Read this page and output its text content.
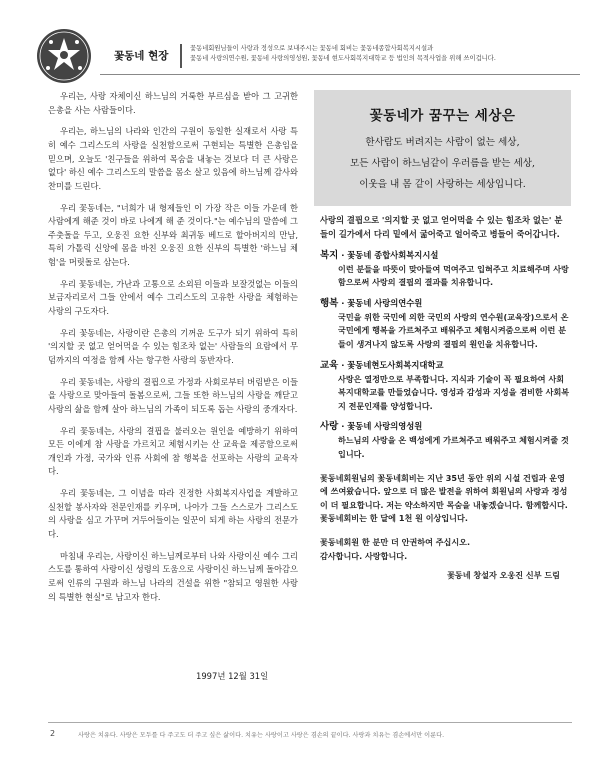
꽃동네 현장
꽃동네회원님들이 사랑과 정성으로 보내주시는 꽃동네 회비는 꽃동네종합사회복지시설과
꽃동네 사랑의연수원, 꽃동네 사랑의영성원, 꽃동네 현도사회복지대학교 등 법인의 목적사업을 위해 쓰이겁니다.

우리는, 사랑 자체이신 하느님의 거룩한 부르심을 받아 그 고귀한 은총을 사는 사람들이다.

우리는, 하느님의 나라와 인간의 구원이 동일한 실재로서 사랑 특히 예수 그리스도의 사랑을 실천함으로써 구현되는 특별한 은총임을 믿으며, 오늘도 '친구들을 위하여 목숨을 내놓는 것보다 더 큰 사랑은 없다' 하신 예수 그리스도의 말씀을 몸소 살고 있음에 하느님께 감사와 찬미를 드린다.

우리 꽃동네는, "너희가 내 형제들인 이 가장 작은 이들 가운데 한 사람에게 해준 것이 바로 나에게 해 준 것이다."는 예수님의 말씀에 그 주춧돌을 두고, 오웅진 요한 신부와 최귀동 베드로 할아버지의 만남, 특히 가톨릭 신앙에 몸을 바친 오웅진 요한 신부의 특별한 '하느님 체험'을 머릿돌로 삼는다.

우리 꽃동네는, 가난과 고통으로 소외된 이들과 보잘것없는 이들의 보금자리로서 그들 안에서 예수 그리스도의 고유한 사랑을 체험하는 사랑의 구도자다.

우리 꽃동네는, 사랑이란 은총의 기꺼운 도구가 되기 위하여 특히 '의지할 곳 없고 얻어먹을 수 있는 힘조차 없는' 사람들의 요람에서 무덤까지의 여정을 함께 사는 항구한 사랑의 동반자다.

우리 꽃동네는, 사랑의 결핍으로 가정과 사회로부터 버림받은 이들을 사랑으로 맞아들여 돌봄으로써, 그들 또한 하느님의 사랑을 깨닫고 사랑의 삶을 함께 살아 하느님의 가족이 되도록 돕는 사랑의 중개자다.

우리 꽃동네는, 사랑의 결핍을 불러오는 원인을 예방하기 위하여 모든 이에게 참 사랑을 가르치고 체험시키는 산 교육을 제공함으로써 개인과 가정, 국가와 인류 사회에 참 행복을 선포하는 사랑의 교육자다.

우리 꽃동네는, 그 이념을 따라 진정한 사회복지사업을 계발하고 실천할 봉사자와 전문인재를 키우며, 나아가 그들 스스로가 그리스도의 사랑을 심고 가꾸며 거두어들이는 일꾼이 되게 하는 사랑의 전문가다.

마침내 우리는, 사랑이신 하느님께로부터 나와 사랑이신 예수 그리스도를 통하여 사랑이신 성령의 도움으로 사랑이신 하느님께 돌아감으로써 인류의 구원과 하느님 나라의 건설을 위한 "참되고 영원한 사랑의 특별한 현실"로 남고자 한다.

1997년 12월 31일
꽃동네가 꿈꾸는 세상은
한사람도 버려지는 사람이 없는 세상,
모든 사람이 하느님같이 우러름을 받는 세상,
이웃을 내 몸 같이 사랑하는 세상입니다.

사랑의 결핍으로 '의지할 곳 없고 얻어먹을 수 있는 힘조차 없는' 분들이 길가에서 다리 밑에서 굶어죽고 얼어죽고 병들어 죽어갑니다.

복지 · 꽃동네 종합사회복지시설

이런 분들을 따뜻이 맞아들여 먹여주고 입혀주고 치료해주며 사랑함으로써 사랑의 결핍의 결과를 치유합니다.

행복 · 꽃동네 사랑의연수원

국민을 위한 국민에 의한 국민의 사랑의 연수원(교육장)으로서 온 국민에게 행복을 가르쳐주고 배워주고 체험시켜줌으로써 이런 분들이 생겨나지 않도록 사랑의 결핍의 원인을 치유합니다.

교육 · 꽃동네현도사회복지대학교

사랑은 열정만으로 부족합니다. 지식과 기술이 꼭 필요하여 사회복지대학교를 만들었습니다. 영성과 감성과 지성을 겸비한 사회복지 전문인재를 양성합니다.

사랑 · 꽃동네 사랑의영성원

하느님의 사랑을 온 백성에게 가르쳐주고 배워주고 체험시켜줄 것입니다.

꽃동네회원님의 꽃동네회비는 지난 35년 동안 위의 시설 건립과 운영에 쓰여왔습니다. 앞으로 더 많은 발전을 위하여 회원님의 사랑과 정성이 더 필요합니다. 저는 약소하지만 목숨을 내놓겠습니다. 함께합시다. 꽃동네회비는 한 달에 1천 원 이상입니다.

꽃동네회원 한 분만 더 안권하여 주십시오.

감사합니다. 사랑합니다.

꽃동네 창설자 오웅진 신부 드림

2	사랑은 치유다. 사랑은 모두를 다 주고도 더 주고 싶은 삶이다. 치유는 사랑이고 사랑은 겸손의 끝이다. 사랑과 치유는 겸손에서만 이룬다.
